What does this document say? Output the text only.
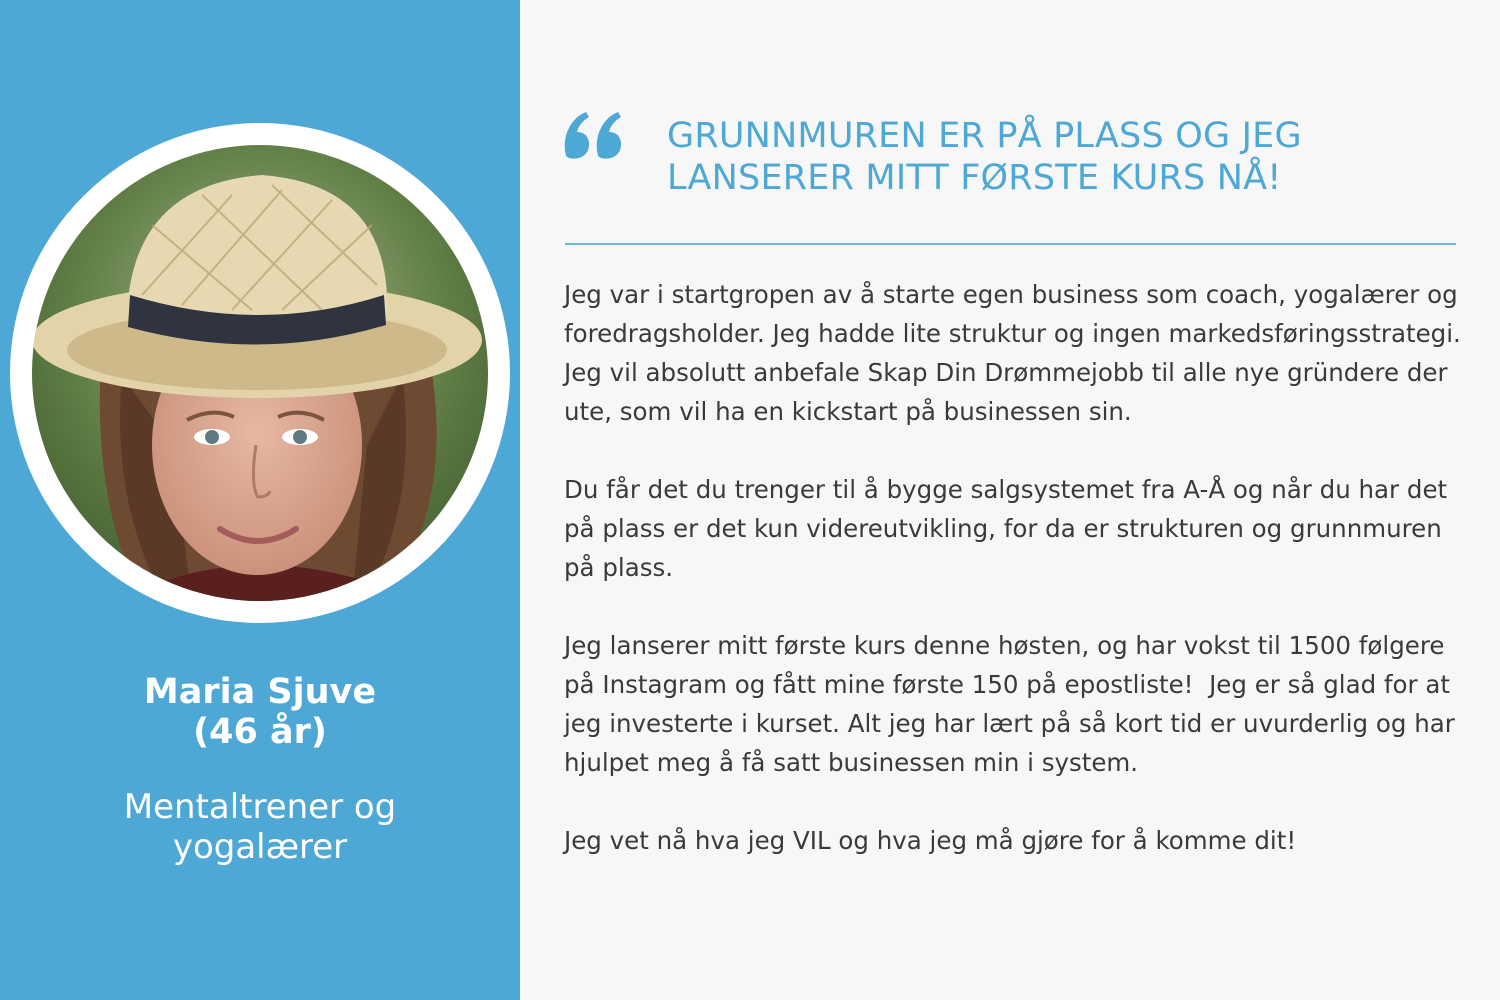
Maria Sjuve
(46 år)
Mentaltrener og
yogalærer
GRUNNMUREN ER PÅ PLASS OG JEG
LANSERER MITT FØRSTE KURS NÅ!

Jeg var i startgropen av å starte egen business som coach, yogalærer og foredragsholder. Jeg hadde lite struktur og ingen markedsføringsstrategi. Jeg vil absolutt anbefale Skap Din Drømmejobb til alle nye gründere der ute, som vil ha en kickstart på businessen sin.

Du får det du trenger til å bygge salgsystemet fra A-Å og når du har det på plass er det kun videreutvikling, for da er strukturen og grunnmuren på plass.

Jeg lanserer mitt første kurs denne høsten, og har vokst til 1500 følgere på Instagram og fått mine første 150 på epostliste!  Jeg er så glad for at jeg investerte i kurset. Alt jeg har lært på så kort tid er uvurderlig og har hjulpet meg å få satt businessen min i system.

Jeg vet nå hva jeg VIL og hva jeg må gjøre for å komme dit!
